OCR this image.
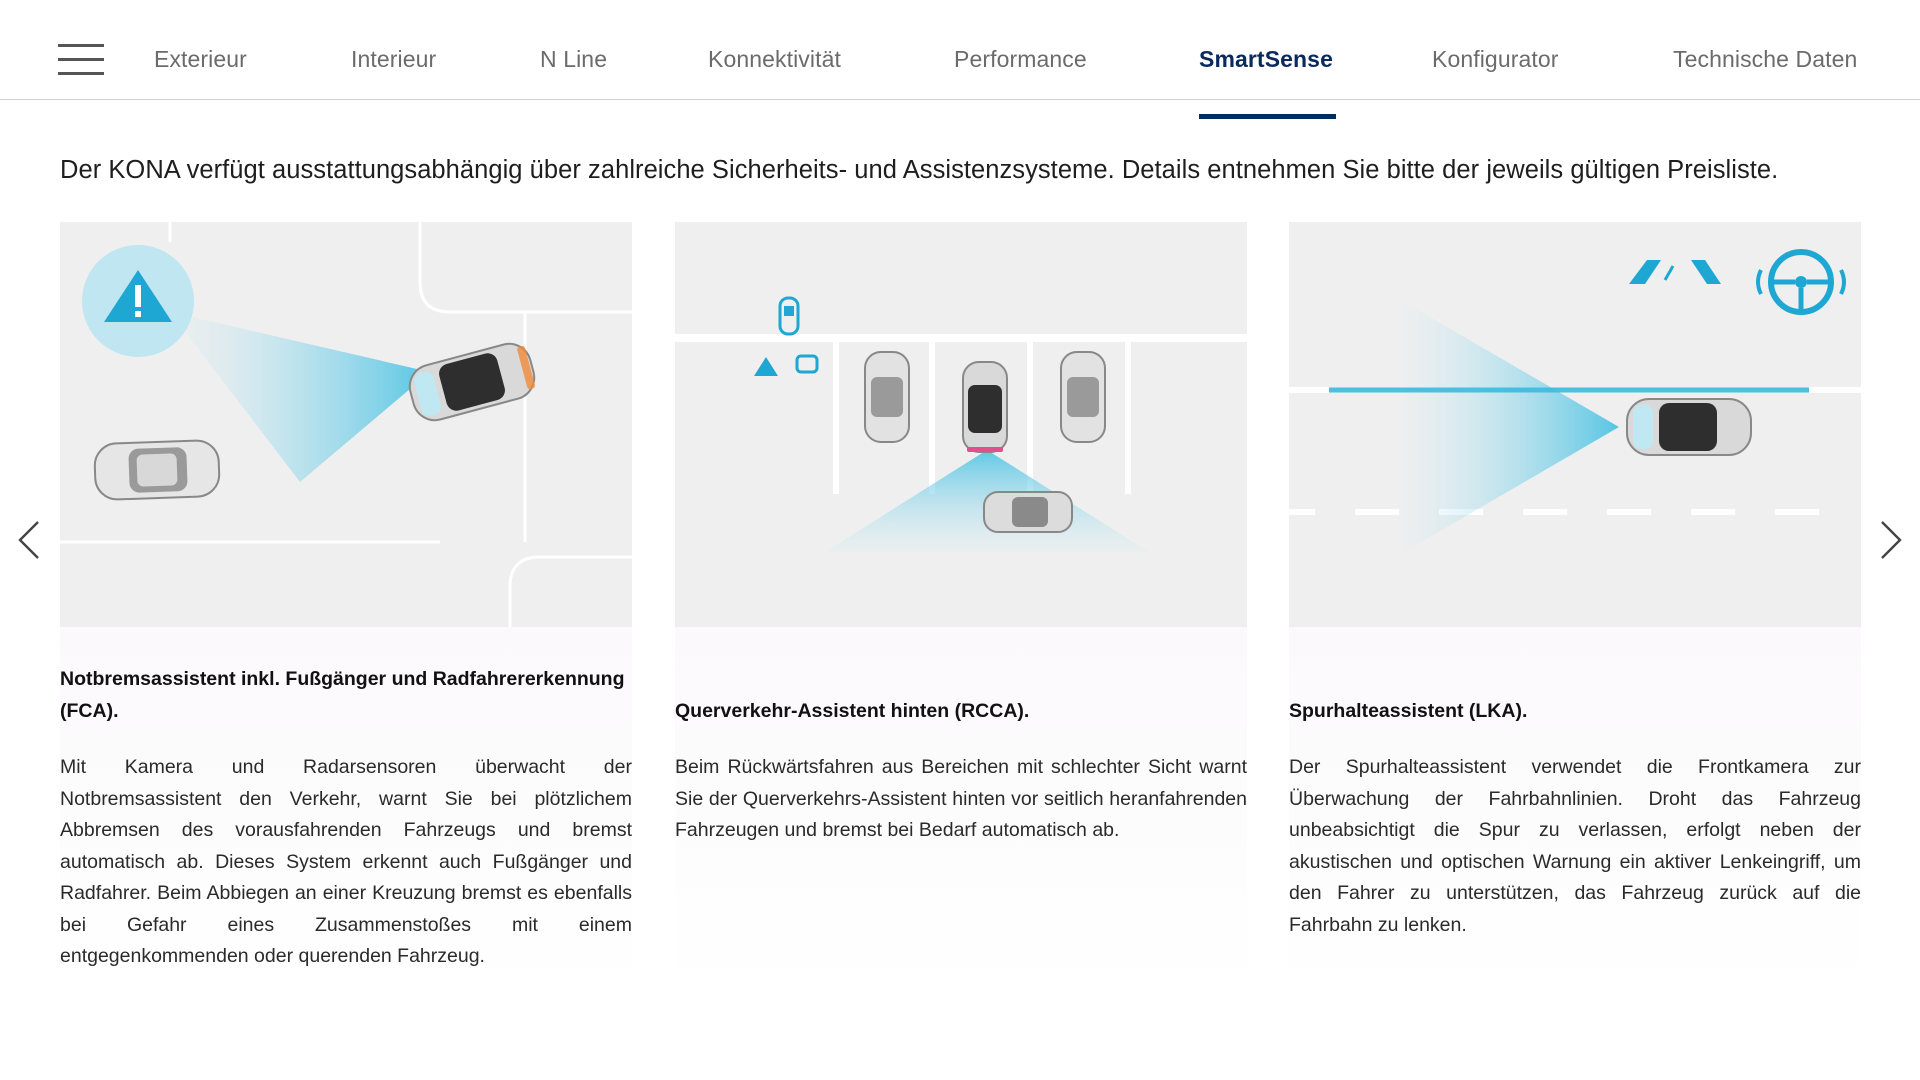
Exterieur	Interieur	N Line	Konnektivität	Performance	SmartSense	Konfigurator	Technische Daten
Der KONA verfügt ausstattungsabhängig über zahlreiche Sicherheits- und Assistenzsysteme. Details entnehmen Sie bitte der jeweils gültigen Preisliste.
Notbremsassistent inkl. Fußgänger und Radfahrererkennung (FCA).

Mit Kamera und Radarsensoren überwacht der Notbremsassistent den Verkehr, warnt Sie bei plötzlichem Abbremsen des vorausfahrenden Fahrzeugs und bremst automatisch ab. Dieses System erkennt auch Fußgänger und Radfahrer. Beim Abbiegen an einer Kreuzung bremst es ebenfalls bei Gefahr eines Zusammenstoßes mit einem entgegenkommenden oder querenden Fahrzeug.

Querverkehr-Assistent hinten (RCCA).

Beim Rückwärtsfahren aus Bereichen mit schlechter Sicht warnt Sie der Querverkehrs-Assistent hinten vor seitlich heranfahrenden Fahrzeugen und bremst bei Bedarf automatisch ab.

Spurhalteassistent (LKA).

Der Spurhalteassistent verwendet die Frontkamera zur Überwachung der Fahrbahnlinien. Droht das Fahrzeug unbeabsichtigt die Spur zu verlassen, erfolgt neben der akustischen und optischen Warnung ein aktiver Lenkeingriff, um den Fahrer zu unterstützen, das Fahrzeug zurück auf die Fahrbahn zu lenken.
